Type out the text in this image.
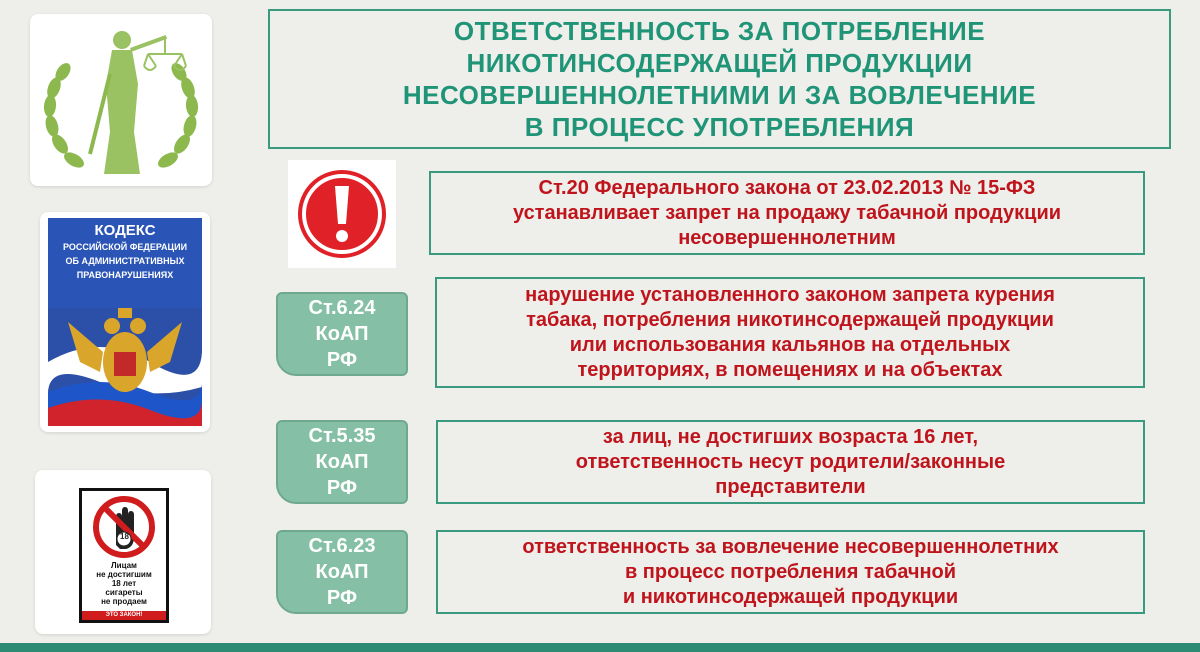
КОДЕКС
РОССИЙСКОЙ ФЕДЕРАЦИИ
ОБ АДМИНИСТРАТИВНЫХ
ПРАВОНАРУШЕНИЯХ
18
Лицам
не достигшим
18 лет
сигареты
не продаем
ЭТО ЗАКОН!
ОТВЕТСТВЕННОСТЬ ЗА ПОТРЕБЛЕНИЕ
НИКОТИНСОДЕРЖАЩЕЙ ПРОДУКЦИИ
НЕСОВЕРШЕННОЛЕТНИМИ И ЗА ВОВЛЕЧЕНИЕ
В ПРОЦЕСС УПОТРЕБЛЕНИЯ
Ст.20 Федерального закона от 23.02.2013 № 15-ФЗ
устанавливает запрет на продажу табачной продукции
несовершеннолетним
Ст.6.24
КоАП
РФ
нарушение установленного законом запрета курения
табака, потребления никотинсодержащей продукции
или использования кальянов на отдельных
территориях, в помещениях и на объектах
Ст.5.35
КоАП
РФ
за лиц, не достигших возраста 16 лет,
ответственность несут родители/законные
представители
Ст.6.23
КоАП
РФ
ответственность за вовлечение несовершеннолетних
в процесс потребления табачной
и никотинсодержащей продукции
